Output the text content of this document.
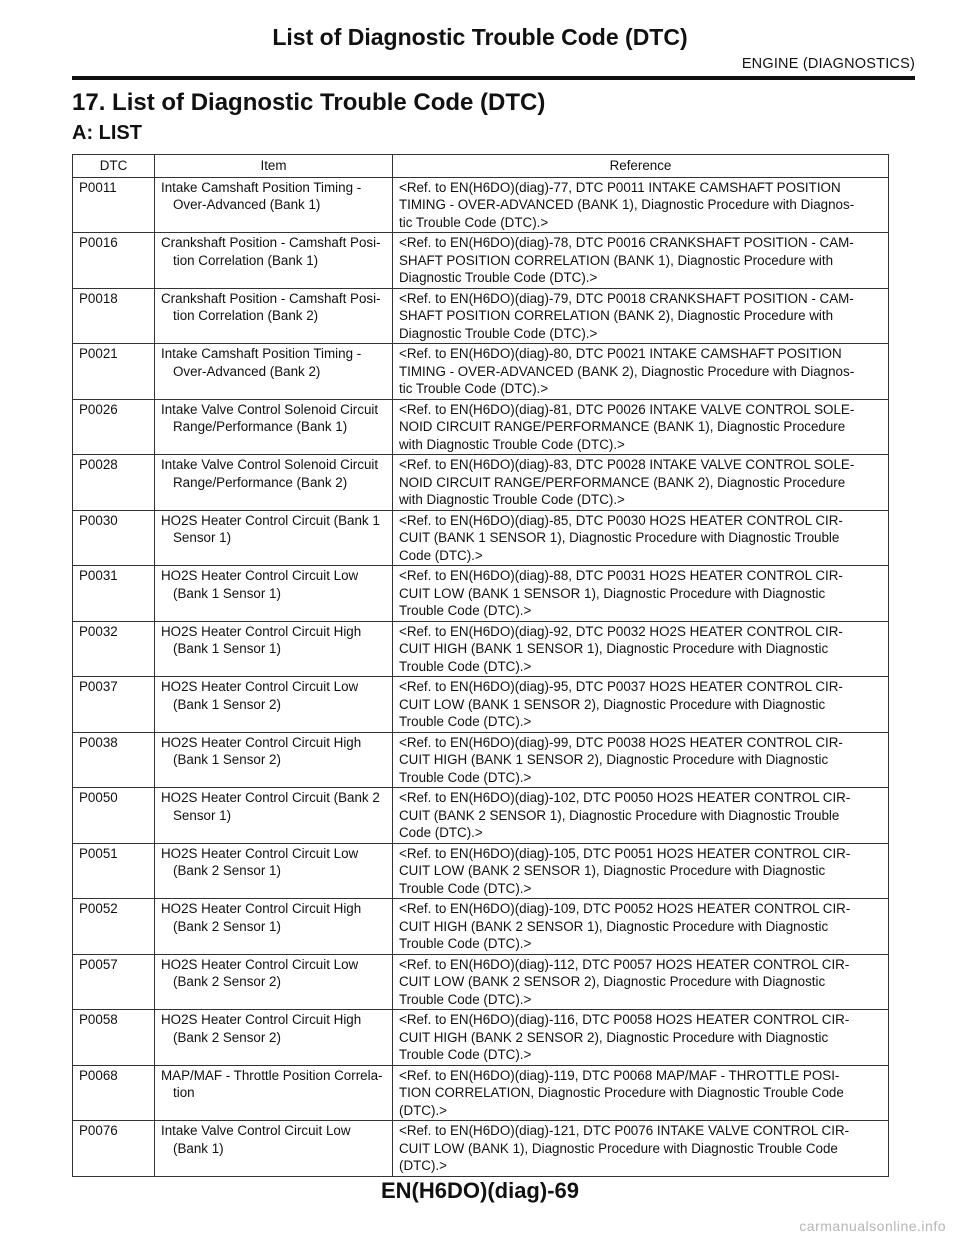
List of Diagnostic Trouble Code (DTC)
ENGINE (DIAGNOSTICS)
17. List of Diagnostic Trouble Code (DTC)
A: LIST
DTC	Item	Reference
P0011	Intake Camshaft Position Timing -
Over-Advanced (Bank 1)	<Ref. to EN(H6DO)(diag)-77, DTC P0011 INTAKE CAMSHAFT POSITION
TIMING - OVER-ADVANCED (BANK 1), Diagnostic Procedure with Diagnos-
tic Trouble Code (DTC).>

P0016	Crankshaft Position - Camshaft Posi-
tion Correlation (Bank 1)	<Ref. to EN(H6DO)(diag)-78, DTC P0016 CRANKSHAFT POSITION - CAM-
SHAFT POSITION CORRELATION (BANK 1), Diagnostic Procedure with
Diagnostic Trouble Code (DTC).>

P0018	Crankshaft Position - Camshaft Posi-
tion Correlation (Bank 2)	<Ref. to EN(H6DO)(diag)-79, DTC P0018 CRANKSHAFT POSITION - CAM-
SHAFT POSITION CORRELATION (BANK 2), Diagnostic Procedure with
Diagnostic Trouble Code (DTC).>

P0021	Intake Camshaft Position Timing -
Over-Advanced (Bank 2)	<Ref. to EN(H6DO)(diag)-80, DTC P0021 INTAKE CAMSHAFT POSITION
TIMING - OVER-ADVANCED (BANK 2), Diagnostic Procedure with Diagnos-
tic Trouble Code (DTC).>

P0026	Intake Valve Control Solenoid Circuit
Range/Performance (Bank 1)	<Ref. to EN(H6DO)(diag)-81, DTC P0026 INTAKE VALVE CONTROL SOLE-
NOID CIRCUIT RANGE/PERFORMANCE (BANK 1), Diagnostic Procedure
with Diagnostic Trouble Code (DTC).>

P0028	Intake Valve Control Solenoid Circuit
Range/Performance (Bank 2)	<Ref. to EN(H6DO)(diag)-83, DTC P0028 INTAKE VALVE CONTROL SOLE-
NOID CIRCUIT RANGE/PERFORMANCE (BANK 2), Diagnostic Procedure
with Diagnostic Trouble Code (DTC).>

P0030	HO2S Heater Control Circuit (Bank 1
Sensor 1)	<Ref. to EN(H6DO)(diag)-85, DTC P0030 HO2S HEATER CONTROL CIR-
CUIT (BANK 1 SENSOR 1), Diagnostic Procedure with Diagnostic Trouble
Code (DTC).>

P0031	HO2S Heater Control Circuit Low
(Bank 1 Sensor 1)	<Ref. to EN(H6DO)(diag)-88, DTC P0031 HO2S HEATER CONTROL CIR-
CUIT LOW (BANK 1 SENSOR 1), Diagnostic Procedure with Diagnostic
Trouble Code (DTC).>

P0032	HO2S Heater Control Circuit High
(Bank 1 Sensor 1)	<Ref. to EN(H6DO)(diag)-92, DTC P0032 HO2S HEATER CONTROL CIR-
CUIT HIGH (BANK 1 SENSOR 1), Diagnostic Procedure with Diagnostic
Trouble Code (DTC).>

P0037	HO2S Heater Control Circuit Low
(Bank 1 Sensor 2)	<Ref. to EN(H6DO)(diag)-95, DTC P0037 HO2S HEATER CONTROL CIR-
CUIT LOW (BANK 1 SENSOR 2), Diagnostic Procedure with Diagnostic
Trouble Code (DTC).>

P0038	HO2S Heater Control Circuit High
(Bank 1 Sensor 2)	<Ref. to EN(H6DO)(diag)-99, DTC P0038 HO2S HEATER CONTROL CIR-
CUIT HIGH (BANK 1 SENSOR 2), Diagnostic Procedure with Diagnostic
Trouble Code (DTC).>

P0050	HO2S Heater Control Circuit (Bank 2
Sensor 1)	<Ref. to EN(H6DO)(diag)-102, DTC P0050 HO2S HEATER CONTROL CIR-
CUIT (BANK 2 SENSOR 1), Diagnostic Procedure with Diagnostic Trouble
Code (DTC).>

P0051	HO2S Heater Control Circuit Low
(Bank 2 Sensor 1)	<Ref. to EN(H6DO)(diag)-105, DTC P0051 HO2S HEATER CONTROL CIR-
CUIT LOW (BANK 2 SENSOR 1), Diagnostic Procedure with Diagnostic
Trouble Code (DTC).>

P0052	HO2S Heater Control Circuit High
(Bank 2 Sensor 1)	<Ref. to EN(H6DO)(diag)-109, DTC P0052 HO2S HEATER CONTROL CIR-
CUIT HIGH (BANK 2 SENSOR 1), Diagnostic Procedure with Diagnostic
Trouble Code (DTC).>

P0057	HO2S Heater Control Circuit Low
(Bank 2 Sensor 2)	<Ref. to EN(H6DO)(diag)-112, DTC P0057 HO2S HEATER CONTROL CIR-
CUIT LOW (BANK 2 SENSOR 2), Diagnostic Procedure with Diagnostic
Trouble Code (DTC).>

P0058	HO2S Heater Control Circuit High
(Bank 2 Sensor 2)	<Ref. to EN(H6DO)(diag)-116, DTC P0058 HO2S HEATER CONTROL CIR-
CUIT HIGH (BANK 2 SENSOR 2), Diagnostic Procedure with Diagnostic
Trouble Code (DTC).>

P0068	MAP/MAF - Throttle Position Correla-
tion	<Ref. to EN(H6DO)(diag)-119, DTC P0068 MAP/MAF - THROTTLE POSI-
TION CORRELATION, Diagnostic Procedure with Diagnostic Trouble Code
(DTC).>

P0076	Intake Valve Control Circuit Low
(Bank 1)	<Ref. to EN(H6DO)(diag)-121, DTC P0076 INTAKE VALVE CONTROL CIR-
CUIT LOW (BANK 1), Diagnostic Procedure with Diagnostic Trouble Code
(DTC).>
EN(H6DO)(diag)-69
carmanualsonline.info
